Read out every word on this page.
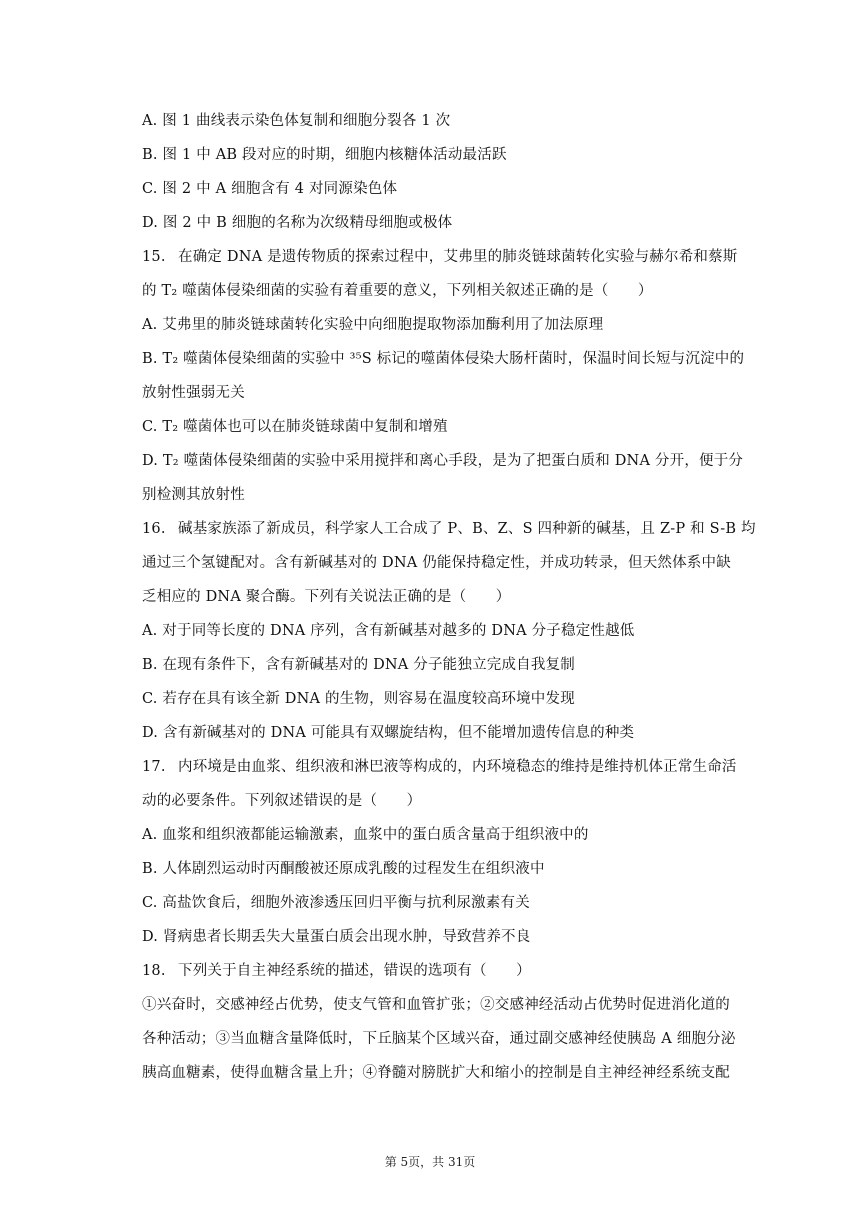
A. 图 1 曲线表示染色体复制和细胞分裂各 1 次
B. 图 1 中 AB 段对应的时期，细胞内核糖体活动最活跃
C. 图 2 中 A 细胞含有 4 对同源染色体
D. 图 2 中 B 细胞的名称为次级精母细胞或极体
15. 在确定 DNA 是遗传物质的探索过程中，艾弗里的肺炎链球菌转化实验与赫尔希和蔡斯
的 T₂ 噬菌体侵染细菌的实验有着重要的意义，下列相关叙述正确的是（　　）
A. 艾弗里的肺炎链球菌转化实验中向细胞提取物添加酶利用了加法原理
B. T₂ 噬菌体侵染细菌的实验中 ³⁵S 标记的噬菌体侵染大肠杆菌时，保温时间长短与沉淀中的
放射性强弱无关
C. T₂ 噬菌体也可以在肺炎链球菌中复制和增殖
D. T₂ 噬菌体侵染细菌的实验中采用搅拌和离心手段，是为了把蛋白质和 DNA 分开，便于分
别检测其放射性
16. 碱基家族添了新成员，科学家人工合成了 P、B、Z、S 四种新的碱基，且 Z-P 和 S-B 均
通过三个氢键配对。含有新碱基对的 DNA 仍能保持稳定性，并成功转录，但天然体系中缺
乏相应的 DNA 聚合酶。下列有关说法正确的是（　　）
A. 对于同等长度的 DNA 序列，含有新碱基对越多的 DNA 分子稳定性越低
B. 在现有条件下，含有新碱基对的 DNA 分子能独立完成自我复制
C. 若存在具有该全新 DNA 的生物，则容易在温度较高环境中发现
D. 含有新碱基对的 DNA 可能具有双螺旋结构，但不能增加遗传信息的种类
17. 内环境是由血浆、组织液和淋巴液等构成的，内环境稳态的维持是维持机体正常生命活
动的必要条件。下列叙述错误的是（　　）
A. 血浆和组织液都能运输激素，血浆中的蛋白质含量高于组织液中的
B. 人体剧烈运动时丙酮酸被还原成乳酸的过程发生在组织液中
C. 高盐饮食后，细胞外液渗透压回归平衡与抗利尿激素有关
D. 肾病患者长期丢失大量蛋白质会出现水肿，导致营养不良
18. 下列关于自主神经系统的描述，错误的选项有（　　）
①兴奋时，交感神经占优势，使支气管和血管扩张；②交感神经活动占优势时促进消化道的
各种活动；③当血糖含量降低时，下丘脑某个区域兴奋，通过副交感神经使胰岛 A 细胞分泌
胰高血糖素，使得血糖含量上升；④脊髓对膀胱扩大和缩小的控制是自主神经神经系统支配
第 5页，共 31页
